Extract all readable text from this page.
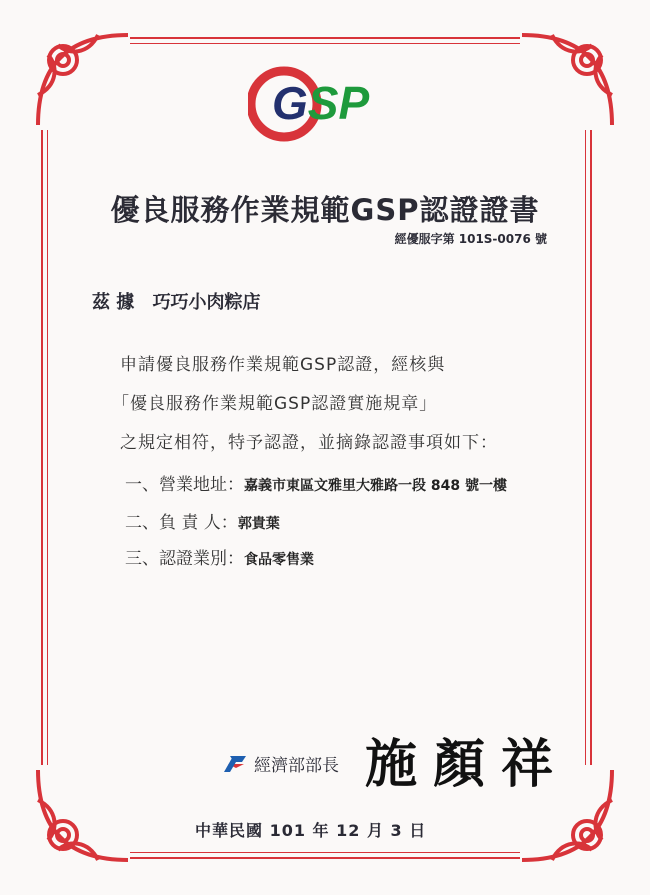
GSP
優良服務作業規範GSP認證證書
經優服字第 101S-0076 號
茲 據 巧巧小肉粽店
申請優良服務作業規範GSP認證，經核與
「優良服務作業規範GSP認證實施規章」
之規定相符，特予認證，並摘錄認證事項如下：
一、營業地址：嘉義市東區文雅里大雅路一段 848 號一樓
二、負 責 人：郭貴葉
三、認證業別：食品零售業
經濟部部長 施顏祥
中華民國 101 年 12 月 3 日
